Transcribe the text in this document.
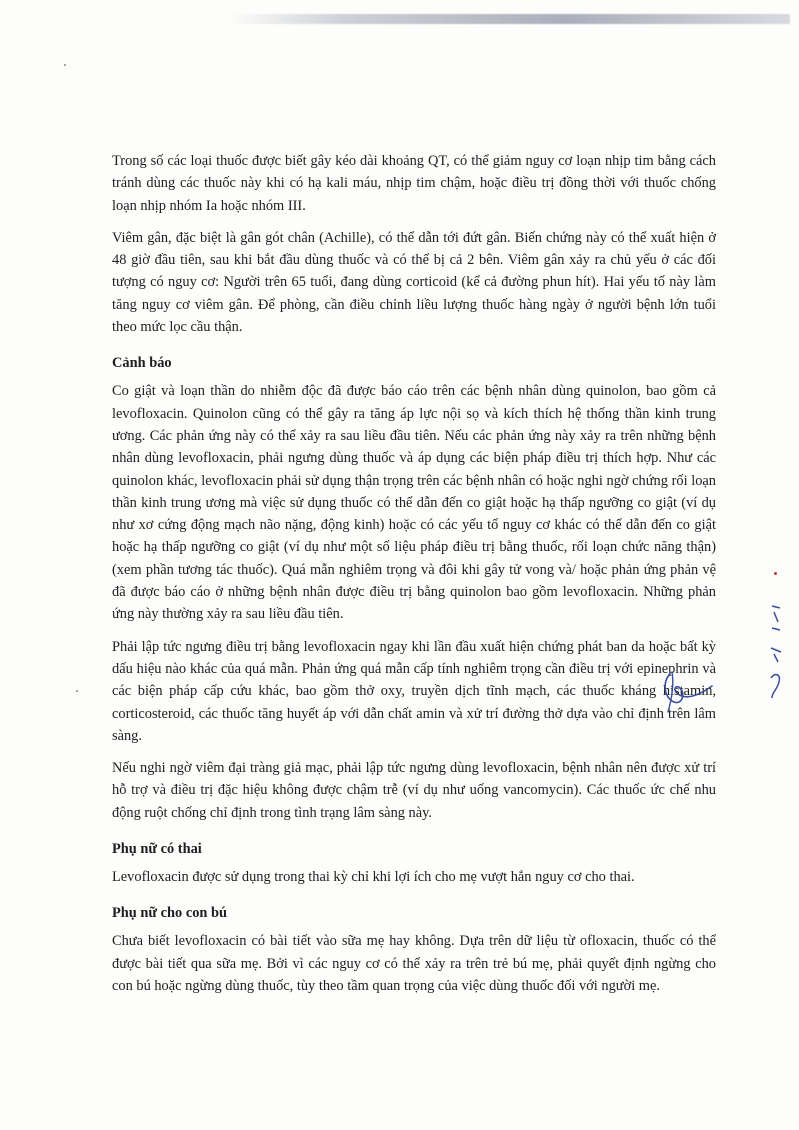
Trong số các loại thuốc được biết gây kéo dài khoảng QT, có thể giảm nguy cơ loạn nhịp tim bằng cách tránh dùng các thuốc này khi có hạ kali máu, nhịp tim chậm, hoặc điều trị đồng thời với thuốc chống loạn nhịp nhóm Ia hoặc nhóm III.

Viêm gân, đặc biệt là gân gót chân (Achille), có thể dẫn tới đứt gân. Biến chứng này có thể xuất hiện ở 48 giờ đầu tiên, sau khi bắt đầu dùng thuốc và có thể bị cả 2 bên. Viêm gân xảy ra chủ yếu ở các đối tượng có nguy cơ: Người trên 65 tuổi, đang dùng corticoid (kể cả đường phun hít). Hai yếu tố này làm tăng nguy cơ viêm gân. Để phòng, cần điều chỉnh liều lượng thuốc hàng ngày ở người bệnh lớn tuổi theo mức lọc cầu thận.

Cảnh báo

Co giật và loạn thần do nhiễm độc đã được báo cáo trên các bệnh nhân dùng quinolon, bao gồm cả levofloxacin. Quinolon cũng có thể gây ra tăng áp lực nội sọ và kích thích hệ thống thần kinh trung ương. Các phản ứng này có thể xảy ra sau liều đầu tiên. Nếu các phản ứng này xảy ra trên những bệnh nhân dùng levofloxacin, phải ngưng dùng thuốc và áp dụng các biện pháp điều trị thích hợp. Như các quinolon khác, levofloxacin phải sử dụng thận trọng trên các bệnh nhân có hoặc nghi ngờ chứng rối loạn thần kinh trung ương mà việc sử dụng thuốc có thể dẫn đến co giật hoặc hạ thấp ngưỡng co giật (ví dụ như xơ cứng động mạch não nặng, động kinh) hoặc có các yếu tố nguy cơ khác có thể dẫn đến co giật hoặc hạ thấp ngưỡng co giật (ví dụ như một số liệu pháp điều trị bằng thuốc, rối loạn chức năng thận) (xem phần tương tác thuốc). Quá mẫn nghiêm trọng và đôi khi gây tử vong và/ hoặc phản ứng phản vệ đã được báo cáo ở những bệnh nhân được điều trị bằng quinolon bao gồm levofloxacin. Những phản ứng này thường xảy ra sau liều đầu tiên.

Phải lập tức ngưng điều trị bằng levofloxacin ngay khi lần đầu xuất hiện chứng phát ban da hoặc bất kỳ dấu hiệu nào khác của quá mẫn. Phản ứng quá mẫn cấp tính nghiêm trọng cần điều trị với epinephrin và các biện pháp cấp cứu khác, bao gồm thở oxy, truyền dịch tĩnh mạch, các thuốc kháng histamin, corticosteroid, các thuốc tăng huyết áp với dẫn chất amin và xử trí đường thở dựa vào chỉ định trên lâm sàng.

Nếu nghi ngờ viêm đại tràng giả mạc, phải lập tức ngưng dùng levofloxacin, bệnh nhân nên được xử trí hỗ trợ và điều trị đặc hiệu không được chậm trễ (ví dụ như uống vancomycin). Các thuốc ức chế nhu động ruột chống chỉ định trong tình trạng lâm sàng này.

Phụ nữ có thai

Levofloxacin được sử dụng trong thai kỳ chỉ khi lợi ích cho mẹ vượt hẳn nguy cơ cho thai.

Phụ nữ cho con bú

Chưa biết levofloxacin có bài tiết vào sữa mẹ hay không. Dựa trên dữ liệu từ ofloxacin, thuốc có thể được bài tiết qua sữa mẹ. Bởi vì các nguy cơ có thể xảy ra trên trẻ bú mẹ, phải quyết định ngừng cho con bú hoặc ngừng dùng thuốc, tùy theo tầm quan trọng của việc dùng thuốc đối với người mẹ.
